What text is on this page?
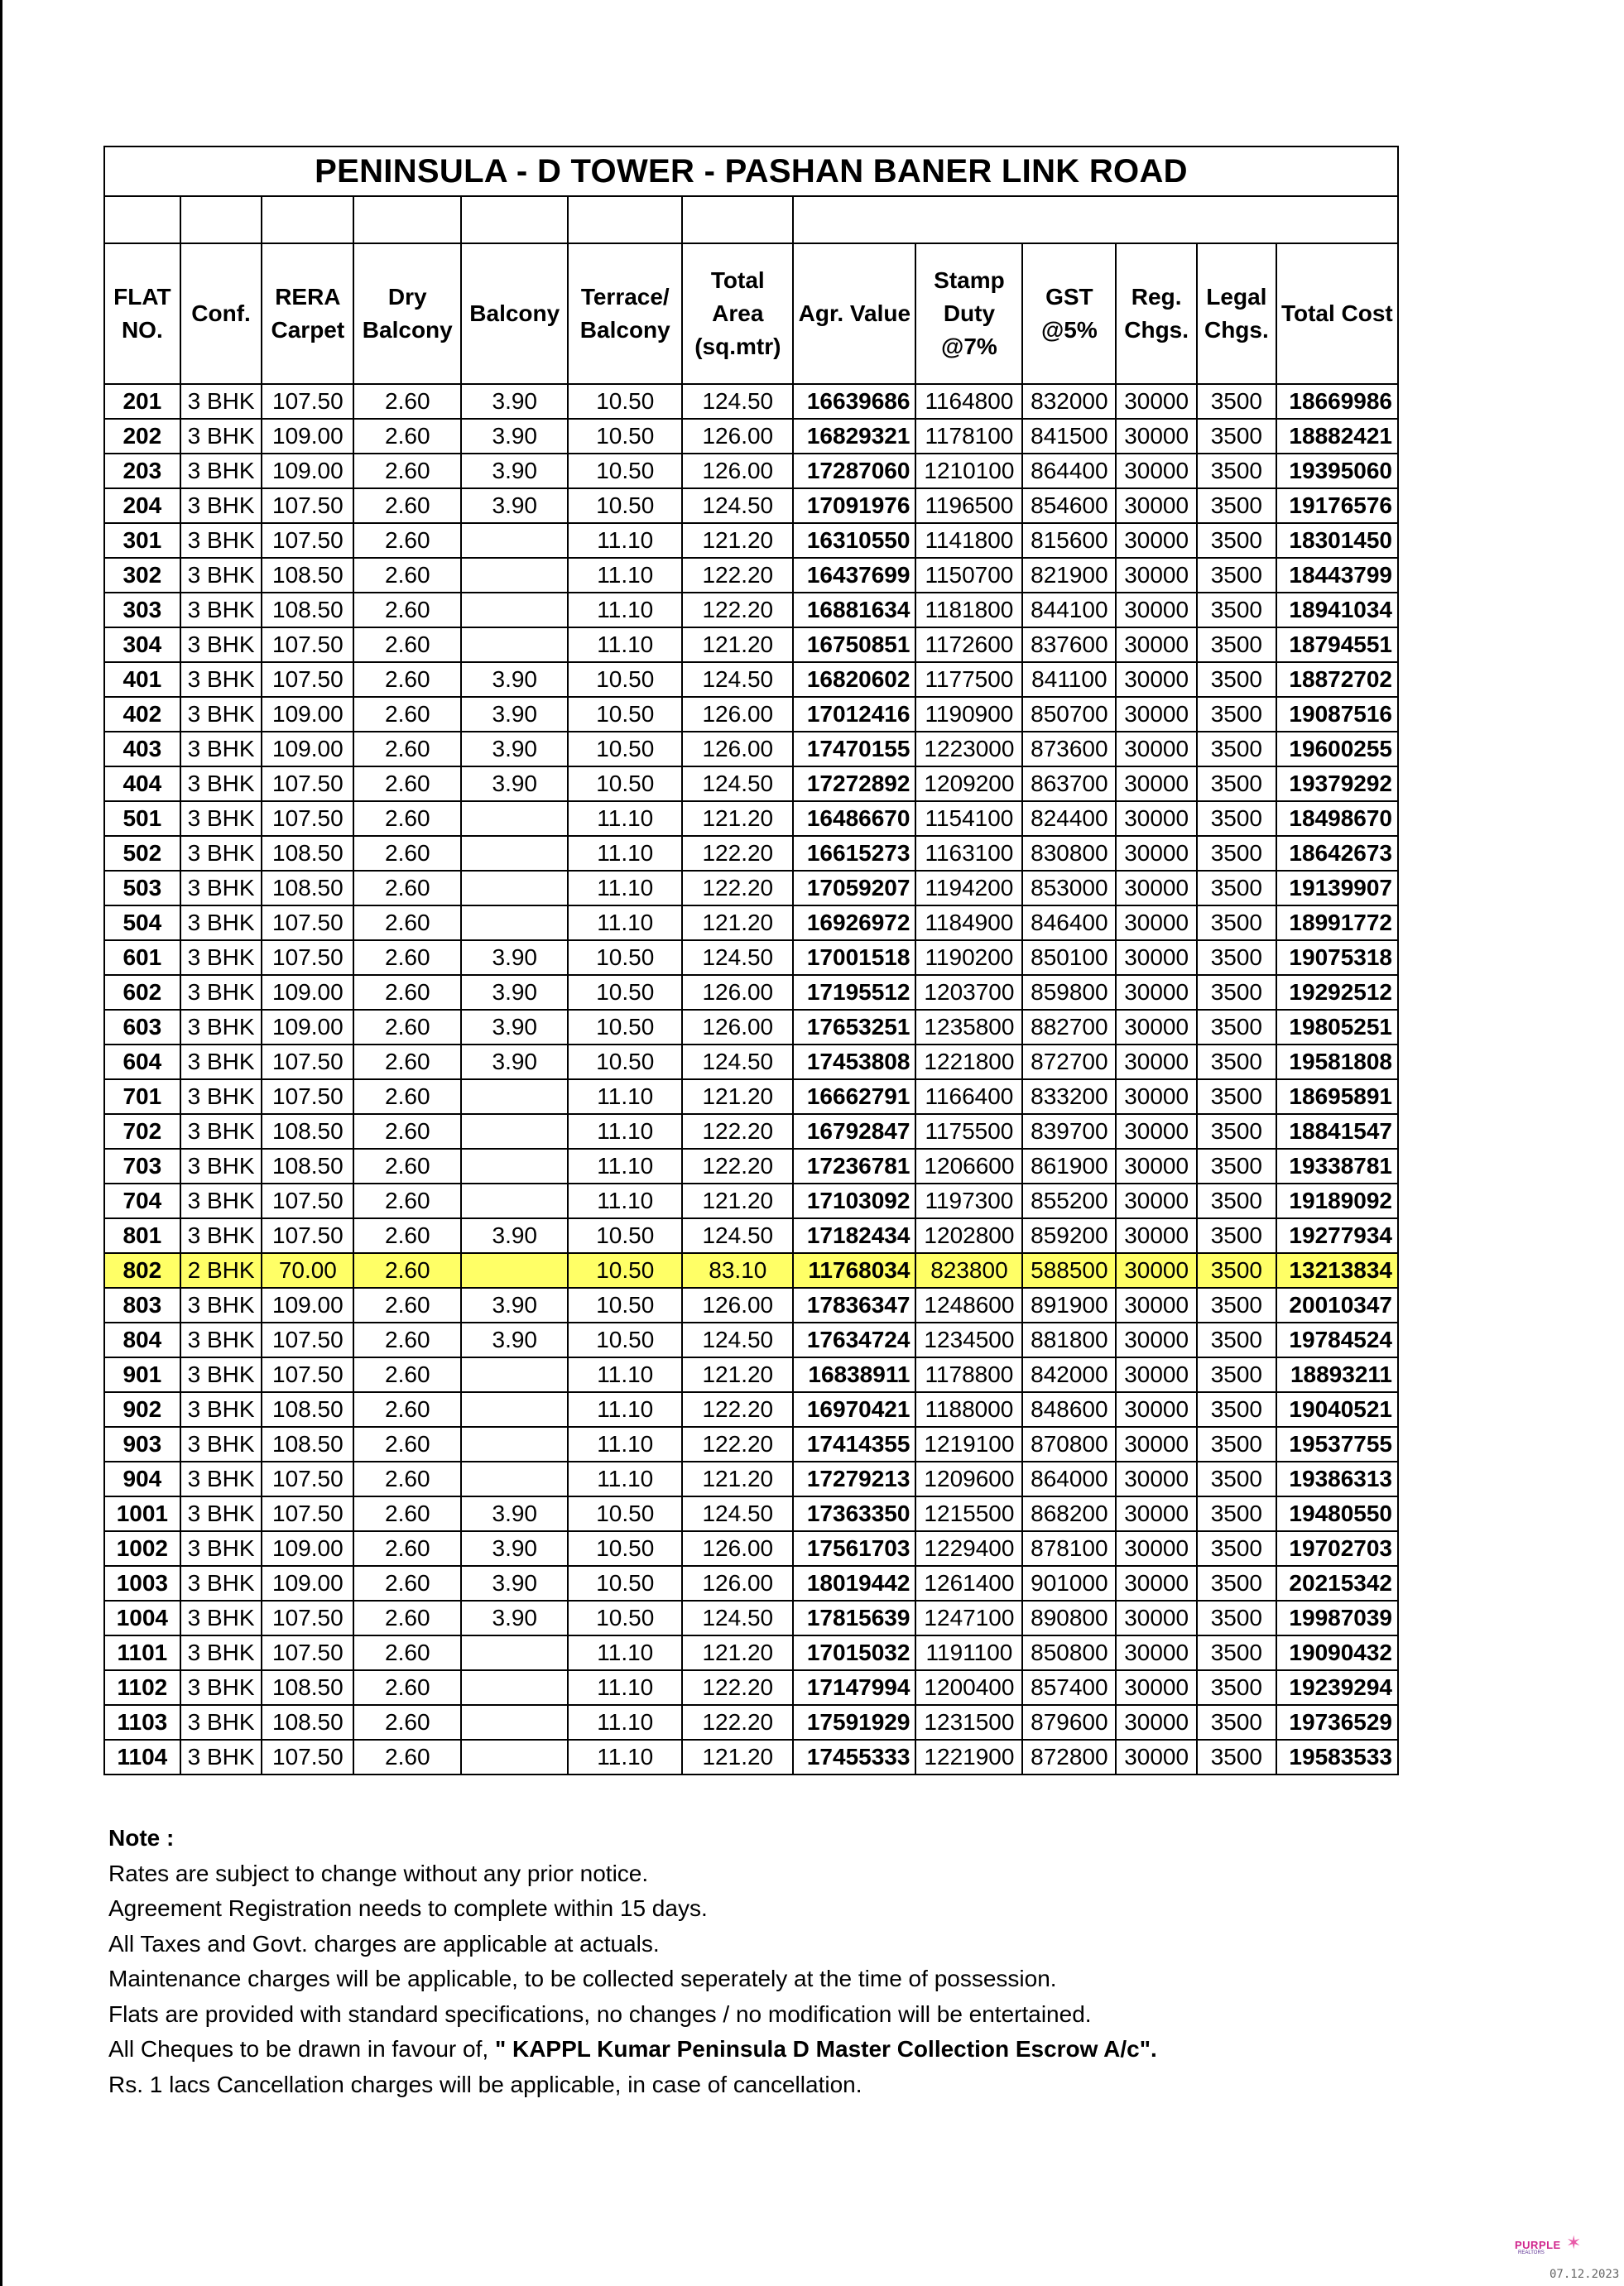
PENINSULA - D TOWER - PASHAN BANER LINK ROAD												

FLAT NO.	Conf.	RERA Carpet	Dry Balcony	Balcony	Terrace/ Balcony	Total Area (sq.mtr)	Agr. Value	Stamp Duty @7%	GST @5%	Reg. Chgs.	Legal Chgs.	Total Cost
201	3 BHK	107.50	2.60	3.90	10.50	124.50	16639686	1164800	832000	30000	3500	18669986
202	3 BHK	109.00	2.60	3.90	10.50	126.00	16829321	1178100	841500	30000	3500	18882421
203	3 BHK	109.00	2.60	3.90	10.50	126.00	17287060	1210100	864400	30000	3500	19395060
204	3 BHK	107.50	2.60	3.90	10.50	124.50	17091976	1196500	854600	30000	3500	19176576
301	3 BHK	107.50	2.60		11.10	121.20	16310550	1141800	815600	30000	3500	18301450
302	3 BHK	108.50	2.60		11.10	122.20	16437699	1150700	821900	30000	3500	18443799
303	3 BHK	108.50	2.60		11.10	122.20	16881634	1181800	844100	30000	3500	18941034
304	3 BHK	107.50	2.60		11.10	121.20	16750851	1172600	837600	30000	3500	18794551
401	3 BHK	107.50	2.60	3.90	10.50	124.50	16820602	1177500	841100	30000	3500	18872702
402	3 BHK	109.00	2.60	3.90	10.50	126.00	17012416	1190900	850700	30000	3500	19087516
403	3 BHK	109.00	2.60	3.90	10.50	126.00	17470155	1223000	873600	30000	3500	19600255
404	3 BHK	107.50	2.60	3.90	10.50	124.50	17272892	1209200	863700	30000	3500	19379292
501	3 BHK	107.50	2.60		11.10	121.20	16486670	1154100	824400	30000	3500	18498670
502	3 BHK	108.50	2.60		11.10	122.20	16615273	1163100	830800	30000	3500	18642673
503	3 BHK	108.50	2.60		11.10	122.20	17059207	1194200	853000	30000	3500	19139907
504	3 BHK	107.50	2.60		11.10	121.20	16926972	1184900	846400	30000	3500	18991772
601	3 BHK	107.50	2.60	3.90	10.50	124.50	17001518	1190200	850100	30000	3500	19075318
602	3 BHK	109.00	2.60	3.90	10.50	126.00	17195512	1203700	859800	30000	3500	19292512
603	3 BHK	109.00	2.60	3.90	10.50	126.00	17653251	1235800	882700	30000	3500	19805251
604	3 BHK	107.50	2.60	3.90	10.50	124.50	17453808	1221800	872700	30000	3500	19581808
701	3 BHK	107.50	2.60		11.10	121.20	16662791	1166400	833200	30000	3500	18695891
702	3 BHK	108.50	2.60		11.10	122.20	16792847	1175500	839700	30000	3500	18841547
703	3 BHK	108.50	2.60		11.10	122.20	17236781	1206600	861900	30000	3500	19338781
704	3 BHK	107.50	2.60		11.10	121.20	17103092	1197300	855200	30000	3500	19189092
801	3 BHK	107.50	2.60	3.90	10.50	124.50	17182434	1202800	859200	30000	3500	19277934
802	2 BHK	70.00	2.60		10.50	83.10	11768034	823800	588500	30000	3500	13213834
803	3 BHK	109.00	2.60	3.90	10.50	126.00	17836347	1248600	891900	30000	3500	20010347
804	3 BHK	107.50	2.60	3.90	10.50	124.50	17634724	1234500	881800	30000	3500	19784524
901	3 BHK	107.50	2.60		11.10	121.20	16838911	1178800	842000	30000	3500	18893211
902	3 BHK	108.50	2.60		11.10	122.20	16970421	1188000	848600	30000	3500	19040521
903	3 BHK	108.50	2.60		11.10	122.20	17414355	1219100	870800	30000	3500	19537755
904	3 BHK	107.50	2.60		11.10	121.20	17279213	1209600	864000	30000	3500	19386313
1001	3 BHK	107.50	2.60	3.90	10.50	124.50	17363350	1215500	868200	30000	3500	19480550
1002	3 BHK	109.00	2.60	3.90	10.50	126.00	17561703	1229400	878100	30000	3500	19702703
1003	3 BHK	109.00	2.60	3.90	10.50	126.00	18019442	1261400	901000	30000	3500	20215342
1004	3 BHK	107.50	2.60	3.90	10.50	124.50	17815639	1247100	890800	30000	3500	19987039
1101	3 BHK	107.50	2.60		11.10	121.20	17015032	1191100	850800	30000	3500	19090432
1102	3 BHK	108.50	2.60		11.10	122.20	17147994	1200400	857400	30000	3500	19239294
1103	3 BHK	108.50	2.60		11.10	122.20	17591929	1231500	879600	30000	3500	19736529
1104	3 BHK	107.50	2.60		11.10	121.20	17455333	1221900	872800	30000	3500	19583533
Note :
Rates are subject to change without any prior notice.
Agreement Registration needs to complete within 15 days.
All Taxes and Govt. charges are applicable at actuals.
Maintenance charges will be applicable, to be collected seperately at the time of possession.
Flats are provided with standard specifications, no changes / no modification will be entertained.
All Cheques to be drawn in favour of, " KAPPL Kumar Peninsula D Master Collection Escrow A/c".
Rs. 1 lacs Cancellation charges will be applicable, in case of cancellation.
PURPLE
REALTORS ✶
07.12.2023
